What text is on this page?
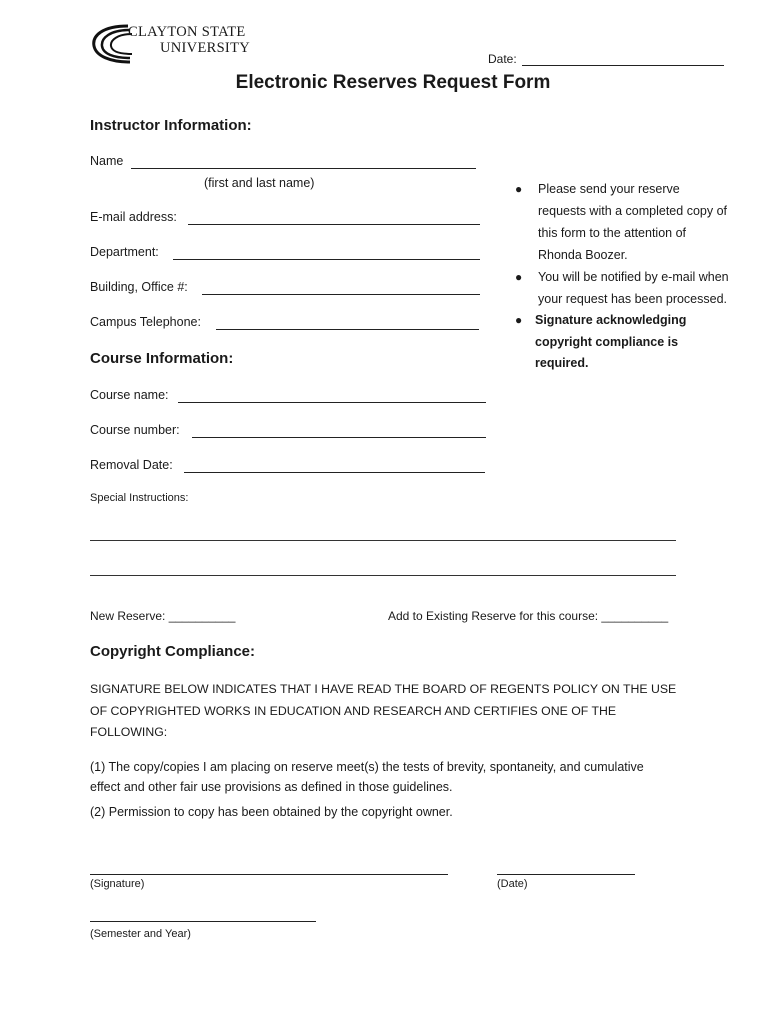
CLAYTON STATE
UNIVERSITY
Date:
Electronic Reserves Request Form
Instructor Information:
Name
(first and last name)
E-mail address:
Department:
Building, Office #:
Campus Telephone:
● Please send your reserve requests with a completed copy of this form to the attention of Rhonda Boozer.
● You will be notified by e-mail when your request has been processed.
● Signature acknowledging copyright compliance is required.
Course Information:
Course name:
Course number:
Removal Date:
Special Instructions:
New Reserve: __________	Add to Existing Reserve for this course: __________
Copyright Compliance:
SIGNATURE BELOW INDICATES THAT I HAVE READ THE BOARD OF REGENTS POLICY ON THE USE OF COPYRIGHTED WORKS IN EDUCATION AND RESEARCH AND CERTIFIES ONE OF THE FOLLOWING:
(1) The copy/copies I am placing on reserve meet(s) the tests of brevity, spontaneity, and cumulative effect and other fair use provisions as defined in those guidelines.
(2) Permission to copy has been obtained by the copyright owner.
(Signature)	(Date)
(Semester and Year)
